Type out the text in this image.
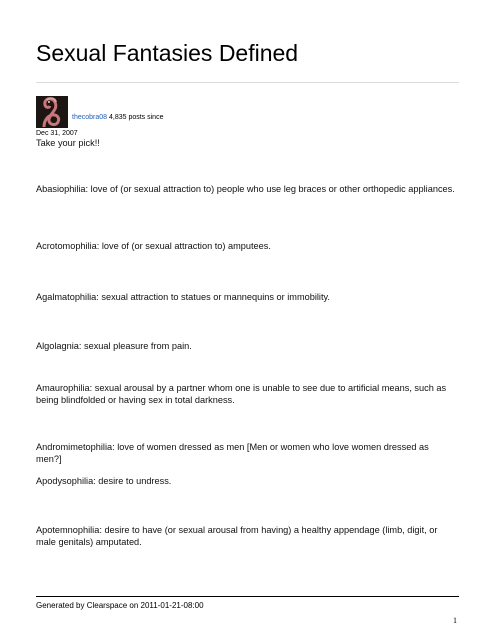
Sexual Fantasies Defined
thecobra08 4,835 posts since
Dec 31, 2007

Take your pick!!

Abasiophilia: love of (or sexual attraction to) people who use leg braces or other orthopedic appliances.

Acrotomophilia: love of (or sexual attraction to) amputees.

Agalmatophilia: sexual attraction to statues or mannequins or immobility.

Algolagnia: sexual pleasure from pain.

Amaurophilia: sexual arousal by a partner whom one is unable to see due to artificial means, such as being blindfolded or having sex in total darkness.

Andromimetophilia: love of women dressed as men [Men or women who love women dressed as men?]

Apodysophilia: desire to undress.

Apotemnophilia: desire to have (or sexual arousal from having) a healthy appendage (limb, digit, or male genitals) amputated.

Generated by Clearspace on 2011-01-21-08:00
1
